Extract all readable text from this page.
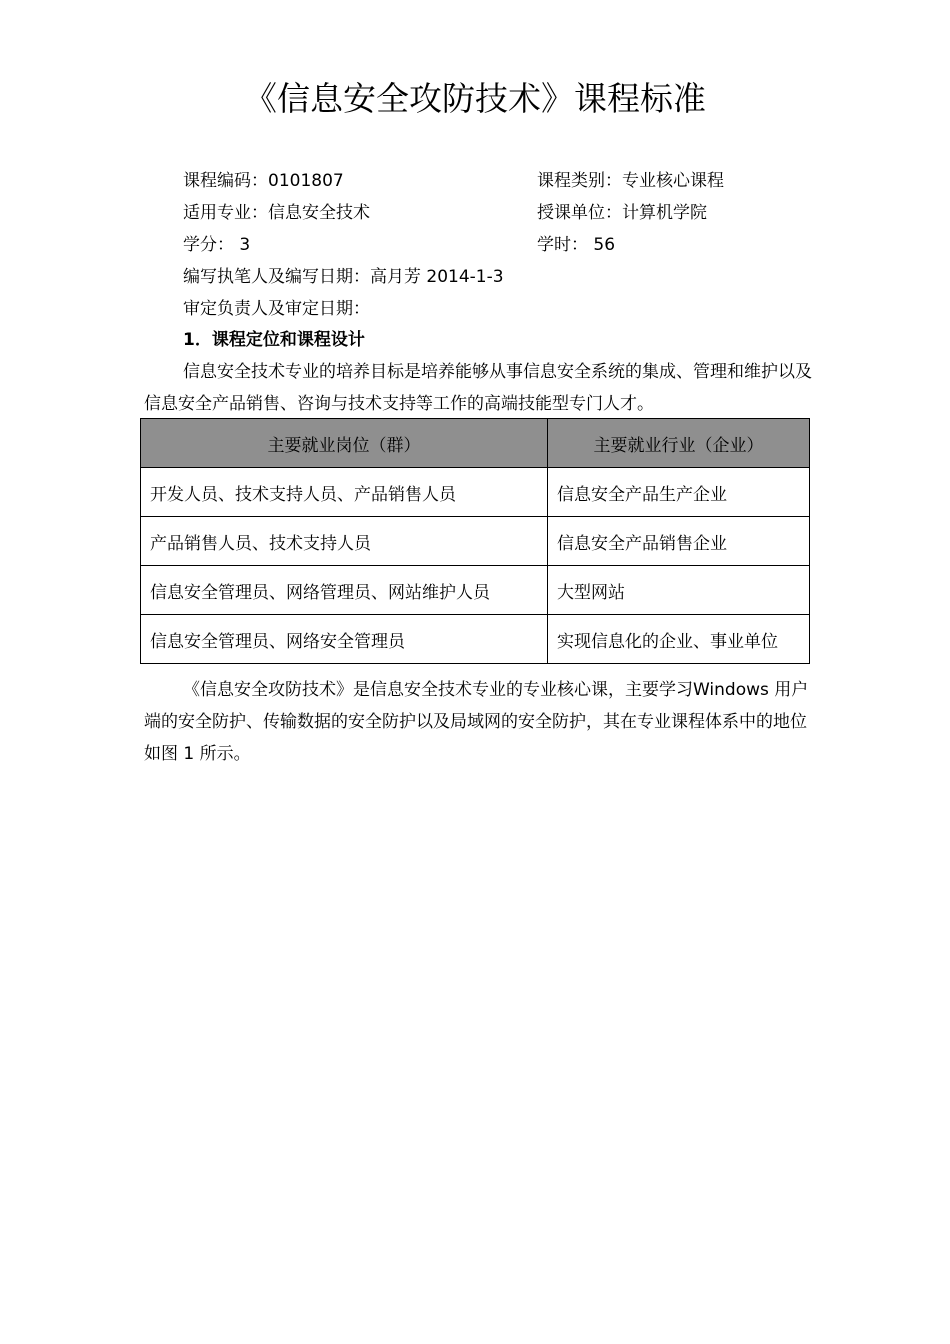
《信息安全攻防技术》课程标准
课程编码：0101807	课程类别：专业核心课程
适用专业：信息安全技术	授课单位：计算机学院
学分： 3	学时： 56
编写执笔人及编写日期：高月芳 2014-1-3
审定负责人及审定日期：
1．课程定位和课程设计

信息安全技术专业的培养目标是培养能够从事信息安全系统的集成、管理和维护以及信息安全产品销售、咨询与技术支持等工作的高端技能型专门人才。

主要就业岗位（群）	主要就业行业（企业）
开发人员、技术支持人员、产品销售人员	信息安全产品生产企业
产品销售人员、技术支持人员	信息安全产品销售企业
信息安全管理员、网络管理员、网站维护人员	大型网站
信息安全管理员、网络安全管理员	实现信息化的企业、事业单位

《信息安全攻防技术》是信息安全技术专业的专业核心课，主要学习Windows 用户端的安全防护、传输数据的安全防护以及局域网的安全防护，其在专业课程体系中的地位如图 1 所示。
